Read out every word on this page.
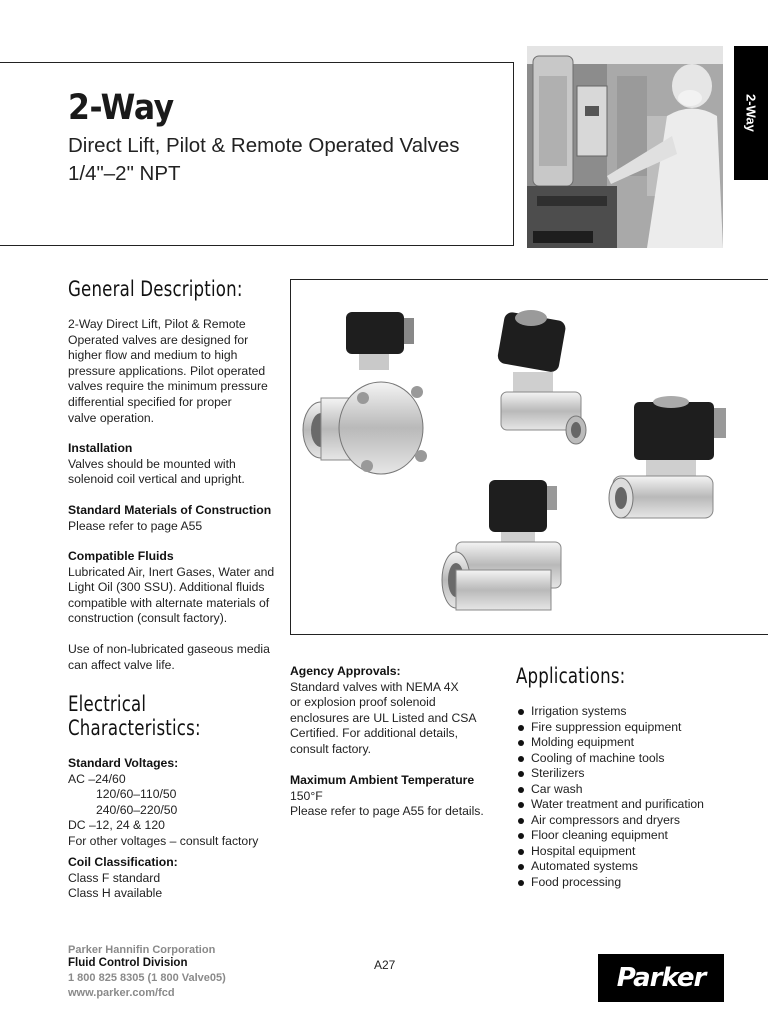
2-Way
Direct Lift, Pilot & Remote Operated Valves
1/4"–2" NPT
2-Way
General Description:
2-Way Direct Lift, Pilot & Remote
Operated valves are designed for
higher flow and medium to high
pressure applications. Pilot operated
valves require the minimum pressure
differential specified for proper
valve operation.
Installation
Valves should be mounted with
solenoid coil vertical and upright.
Standard Materials of Construction
Please refer to page A55
Compatible Fluids
Lubricated Air, Inert Gases, Water and
Light Oil (300 SSU). Additional fluids
compatible with alternate materials of
construction (consult factory).
Use of non-lubricated gaseous media
can affect valve life.
Electrical
Characteristics:
Standard Voltages:
AC –24/60
120/60–110/50
240/60–220/50
DC –12, 24 & 120
For other voltages – consult factory
Coil Classification:
Class F standard
Class H available
Agency Approvals:
Standard valves with NEMA 4X
or explosion proof solenoid
enclosures are UL Listed and CSA
Certified. For additional details,
consult factory.
Maximum Ambient Temperature
150°F
Please refer to page A55 for details.
Applications:
Irrigation systems
Fire suppression equipment
Molding equipment
Cooling of machine tools
Sterilizers
Car wash
Water treatment and purification
Air compressors and dryers
Floor cleaning equipment
Hospital equipment
Automated systems
Food processing
Parker Hannifin Corporation
Fluid Control Division
1 800 825 8305 (1 800 Valve05)
www.parker.com/fcd
A27	Parker
